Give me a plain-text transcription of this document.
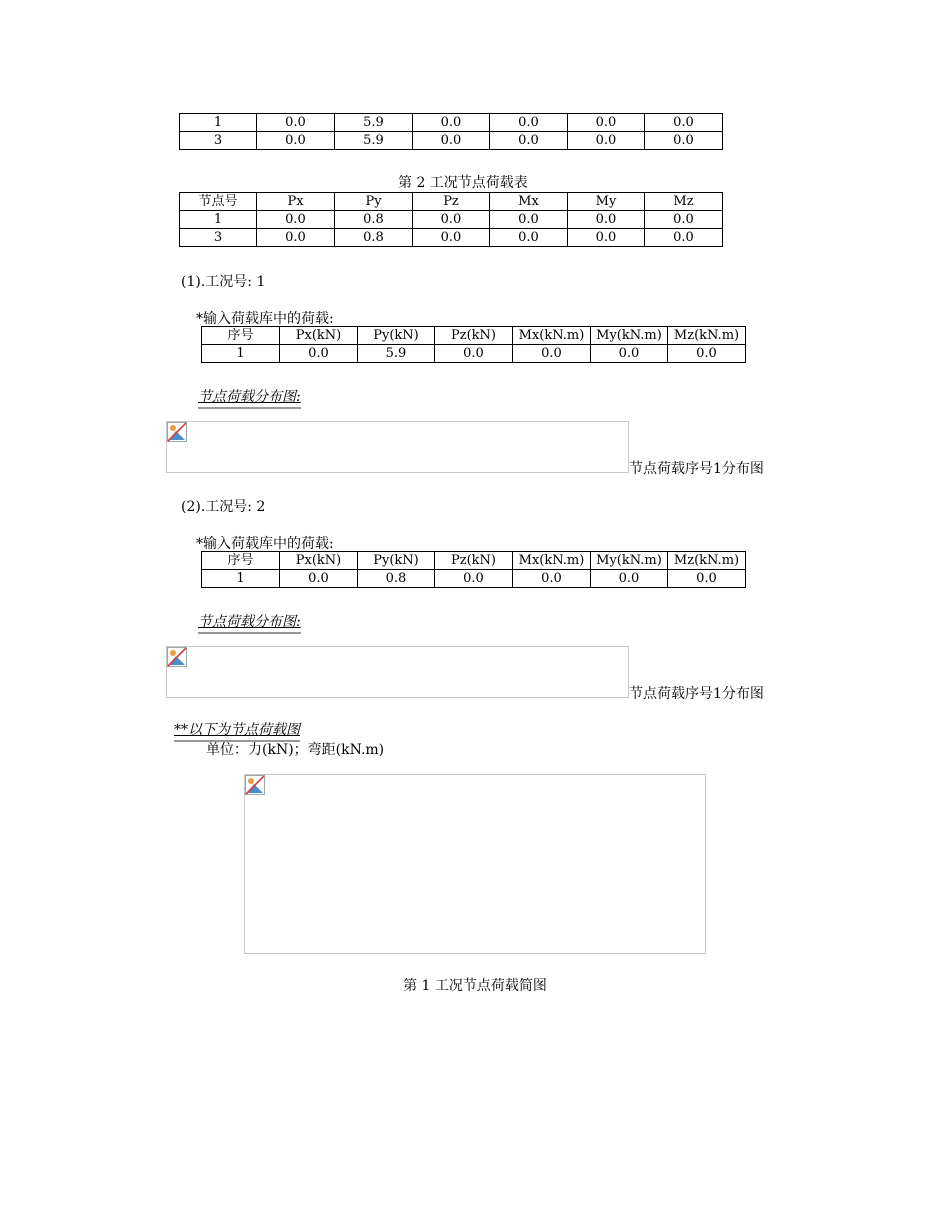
1	0.0	5.9	0.0	0.0	0.0	0.0
3	0.0	5.9	0.0	0.0	0.0	0.0
第 2 工况节点荷载表
节点号	Px	Py	Pz	Mx	My	Mz
1	0.0	0.8	0.0	0.0	0.0	0.0
3	0.0	0.8	0.0	0.0	0.0	0.0
(1).工况号: 1
*输入荷载库中的荷载:
序号	Px(kN)	Py(kN)	Pz(kN)	Mx(kN.m)	My(kN.m)	Mz(kN.m)
1	0.0	5.9	0.0	0.0	0.0	0.0
节点荷载分布图:
节点荷载序号1分布图
(2).工况号: 2
*输入荷载库中的荷载:
序号	Px(kN)	Py(kN)	Pz(kN)	Mx(kN.m)	My(kN.m)	Mz(kN.m)
1	0.0	0.8	0.0	0.0	0.0	0.0
节点荷载分布图:
节点荷载序号1分布图
**以下为节点荷载图
单位：力(kN)；弯距(kN.m)
第 1 工况节点荷载简图
